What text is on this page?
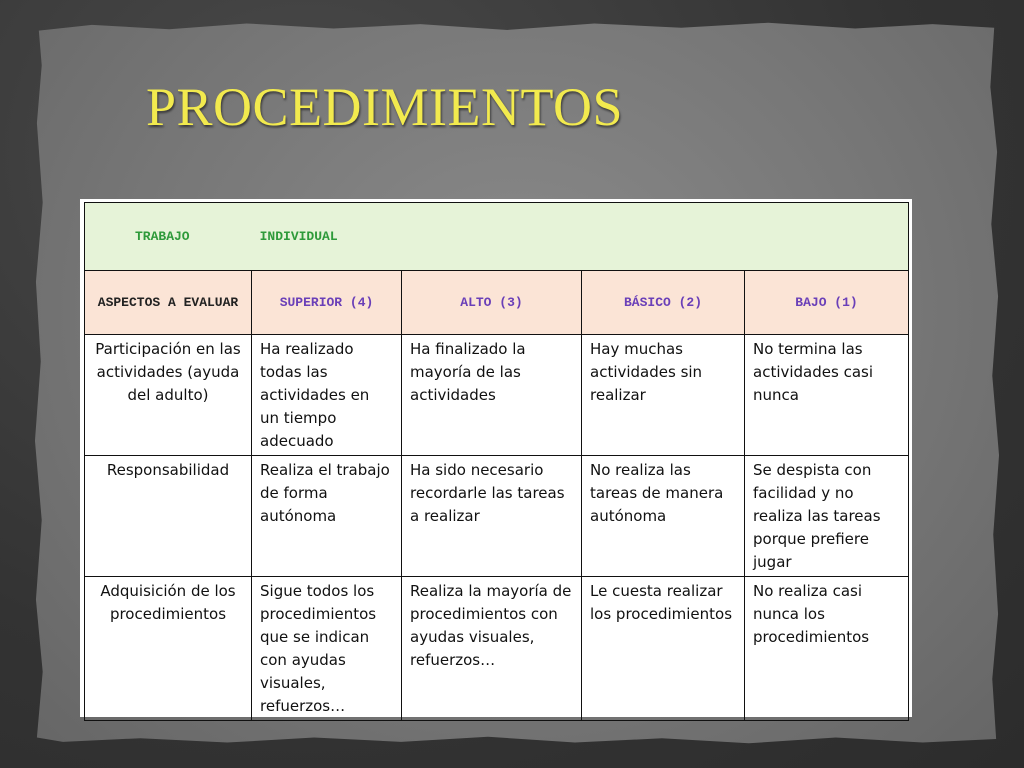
PROCEDIMIENTOS
TRABAJO INDIVIDUAL				
ASPECTOS A EVALUAR	SUPERIOR (4)	ALTO (3)	BÁSICO (2)	BAJO (1)
Participación en las actividades (ayuda del adulto)	Ha realizado todas las actividades en un tiempo adecuado	Ha finalizado la mayoría de las actividades	Hay muchas actividades sin realizar	No termina las actividades casi nunca
Responsabilidad	Realiza el trabajo de forma autónoma	Ha sido necesario recordarle las tareas a realizar	No realiza las tareas de manera autónoma	Se despista con facilidad y no realiza las tareas porque prefiere jugar
Adquisición de los procedimientos	Sigue todos los procedimientos que se indican con ayudas visuales, refuerzos…	Realiza la mayoría de procedimientos con ayudas visuales, refuerzos…	Le cuesta realizar los procedimientos	No realiza casi nunca los procedimientos
